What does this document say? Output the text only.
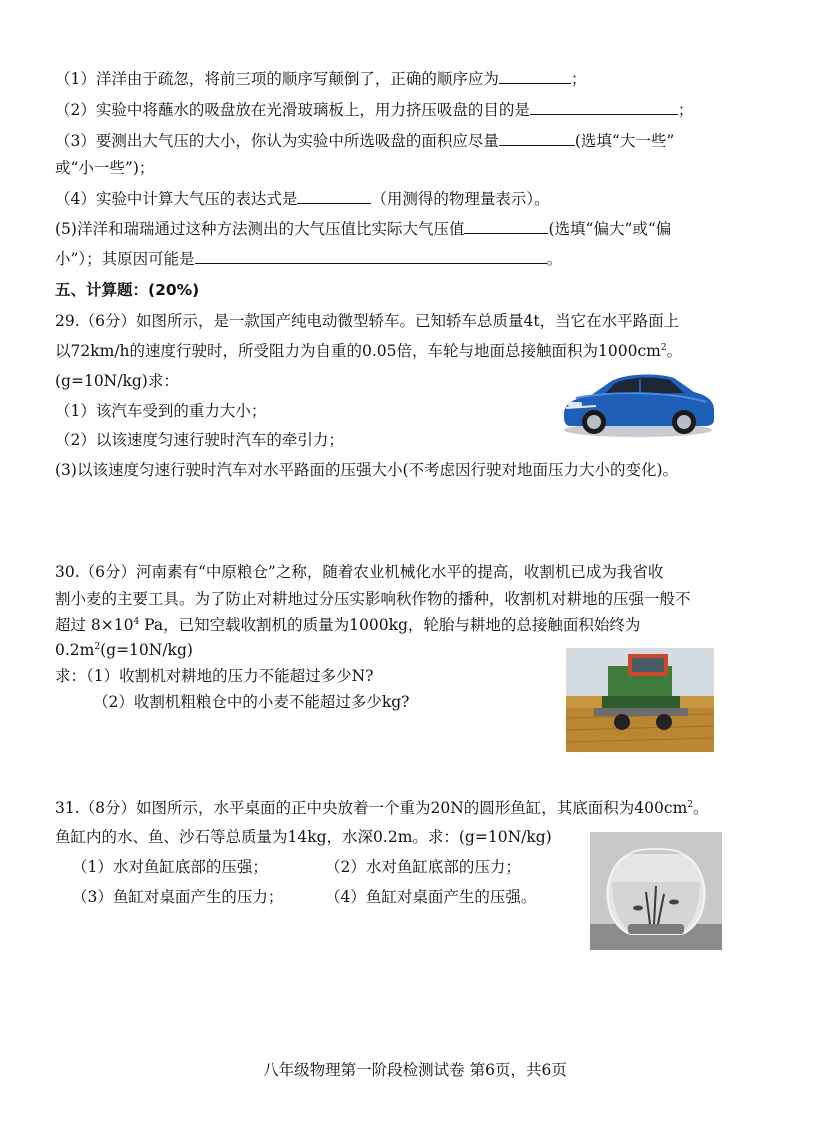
（1）洋洋由于疏忽，将前三项的顺序写颠倒了，正确的顺序应为	；
（2）实验中将蘸水的吸盘放在光滑玻璃板上，用力挤压吸盘的目的是	；
（3）要测出大气压的大小，你认为实验中所选吸盘的面积应尽量	(选填“大一些”
或“小一些”)；
（4）实验中计算大气压的表达式是	（用测得的物理量表示）。
(5)洋洋和瑞瑞通过这种方法测出的大气压值比实际大气压值	(选填“偏大”或“偏
小”）；其原因可能是	。
五、计算题：(20%)
29.（6分）如图所示，是一款国产纯电动微型轿车。已知轿车总质量4t，当它在水平路面上
以72km/h的速度行驶时，所受阻力为自重的0.05倍，车轮与地面总接触面积为$1000cm^2$。
(g=10N/kg)求：
（1）该汽车受到的重力大小；
（2）以该速度匀速行驶时汽车的牵引力；
(3)以该速度匀速行驶时汽车对水平路面的压强大小(不考虑因行驶对地面压力大小的变化)。
30.（6分）河南素有“中原粮仓”之称，随着农业机械化水平的提高，收割机已成为我省收
割小麦的主要工具。为了防止对耕地过分压实影响秋作物的播种，收割机对耕地的压强一般不
超过 $8\times 10^4$ Pa，已知空载收割机的质量为1000kg，轮胎与耕地的总接触面积始终为
$0.2m^2(g=10N/kg)$
求：（1）收割机对耕地的压力不能超过多少N?
（2）收割机粗粮仓中的小麦不能超过多少kg?
31.（8分）如图所示，水平桌面的正中央放着一个重为20N的圆形鱼缸，其底面积为$400cm^2$。
鱼缸内的水、鱼、沙石等总质量为14kg，水深0.2m。求：(g=10N/kg)
（1）水对鱼缸底部的压强；	（2）水对鱼缸底部的压力；
（3）鱼缸对桌面产生的压力；	（4）鱼缸对桌面产生的压强。
八年级物理第一阶段检测试卷 第6页，共6页
